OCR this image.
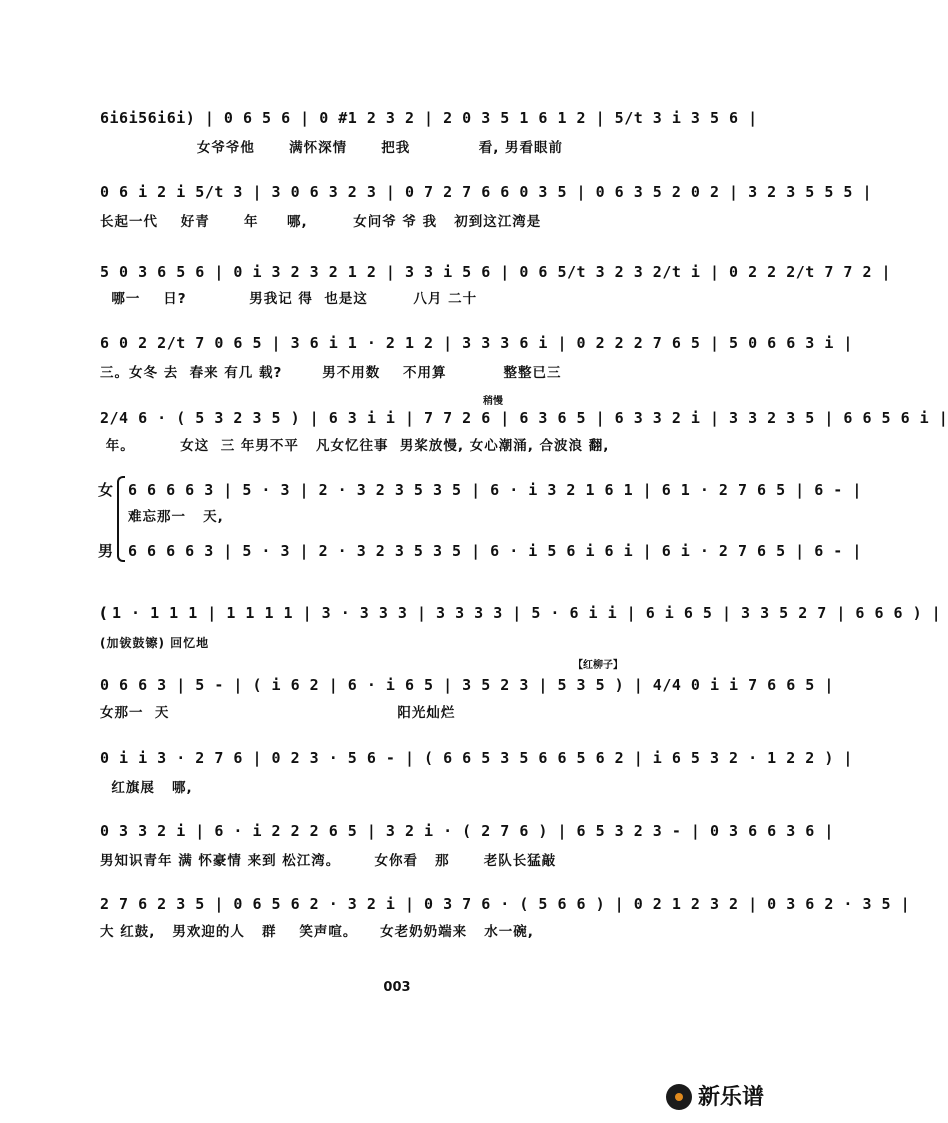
6i6i56i6i) | 0 6 5 6 | 0 #1 2 3 2 | 2 0 3 5 1 6 1 2 | 5/t 3 i 3 5 6 |
女爷爷他      满怀深情      把我            看, 男看眼前
0 6 i 2 i 5/t 3 | 3 0 6 3 2 3 | 0 7 2 7 6 6 0 3 5 | 0 6 3 5 2 0 2 | 3 2 3 5 5 5 |
长起一代    好青      年     哪,        女问爷 爷 我   初到这江湾是
5 0 3 6 5 6 | 0 i 3 2 3 2 1 2 | 3 3 i 5 6 | 0 6 5/t 3 2 3 2/t i | 0 2 2 2/t 7 7 2 |
哪一    日?           男我记 得  也是这        八月 二十
6 0 2 2/t 7 0 6 5 | 3 6 i 1 · 2 1 2 | 3 3 3 6 i | 0 2 2 2 7 6 5 | 5 0 6 6 3 i |
三。女冬 去  春来 有几 载?       男不用数    不用算          整整已三
稍慢
2/4 6 · ( 5 3 2 3 5 ) | 6 3 i i | 7 7 2 6 | 6 3 6 5 | 6 3 3 2 i | 3 3 2 3 5 | 6 6 5 6 i |
年。        女这  三 年男不平   凡女忆往事  男桨放慢, 女心潮涌, 合波浪 翻,
女
男
6 6 6 6 3 | 5 · 3 | 2 · 3 2 3 5 3 5 | 6 · i 3 2 1 6 1 | 6 1 · 2 7 6 5 | 6 - |
难忘那一   天,
6 6 6 6 3 | 5 · 3 | 2 · 3 2 3 5 3 5 | 6 · i 5 6 i 6 i | 6 i · 2 7 6 5 | 6 - |
( 1 · 1 1 1 | 1 1 1 1 | 3 · 3 3 3 | 3 3 3 3 | 5 · 6 i i | 6 i 6 5 | 3 3 5 2 7 | 6 6 6 ) |
(加钹鼓镲) 回忆地
【红柳子】
0 6 6 3 | 5 - | ( i 6 2 | 6 · i 6 5 | 3 5 2 3 | 5 3 5 ) | 4/4 0 i i 7 6 6 5 |
女那一  天                                        阳光灿烂
0 i i 3 · 2 7 6 | 0 2 3 · 5 6 - | ( 6 6 5 3 5 6 6 5 6 2 | i 6 5 3 2 · 1 2 2 ) |
红旗展   哪,
0 3 3 2 i | 6 · i 2 2 2 6 5 | 3 2 i · ( 2 7 6 ) | 6 5 3 2 3 - | 0 3 6 6 3 6 |
男知识青年 满 怀豪情 来到 松江湾。      女你看   那      老队长猛敲
2 7 6 2 3 5 | 0 6 5 6 2 · 3 2 i | 0 3 7 6 · ( 5 6 6 ) | 0 2 1 2 3 2 | 0 3 6 2 · 3 5 |
大 红鼓,   男欢迎的人   群    笑声喧。    女老奶奶端来   水一碗,
003
新乐谱
